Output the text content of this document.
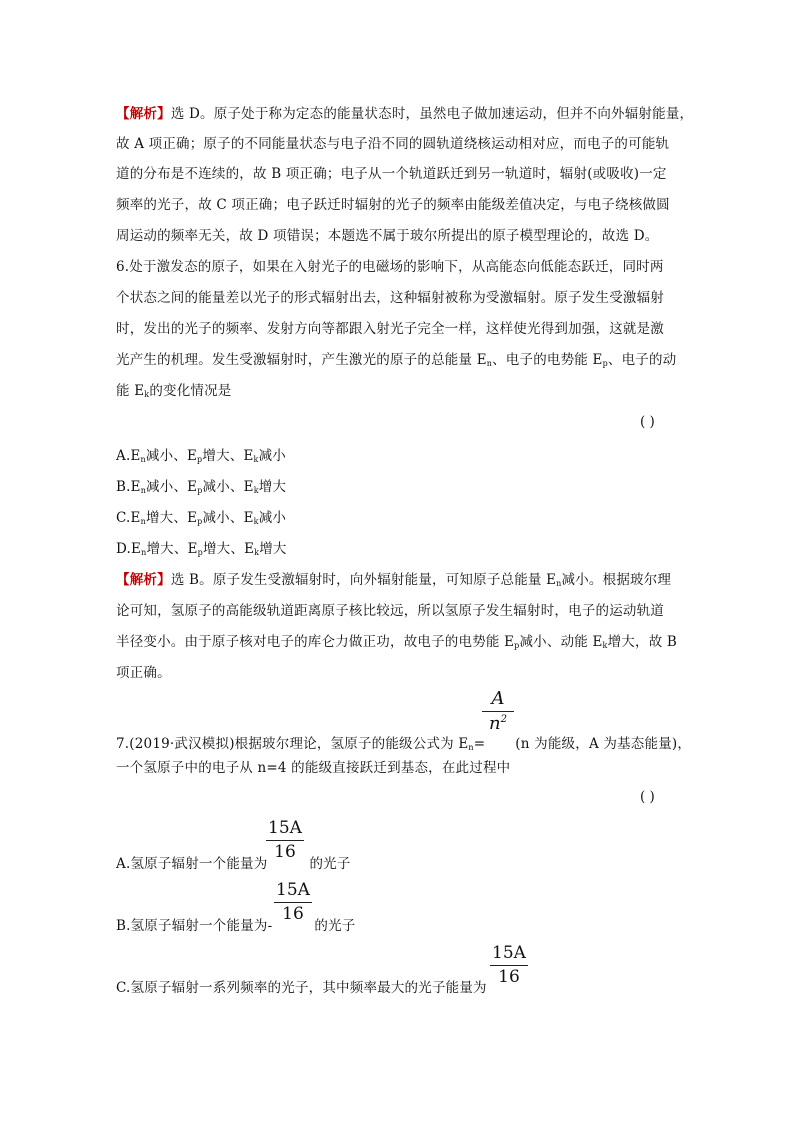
【解析】选 D。原子处于称为定态的能量状态时，虽然电子做加速运动，但并不向外辐射能量，
故 A 项正确；原子的不同能量状态与电子沿不同的圆轨道绕核运动相对应，而电子的可能轨
道的分布是不连续的，故 B 项正确；电子从一个轨道跃迁到另一轨道时，辐射(或吸收)一定
频率的光子，故 C 项正确；电子跃迁时辐射的光子的频率由能级差值决定，与电子绕核做圆
周运动的频率无关，故 D 项错误；本题选不属于玻尔所提出的原子模型理论的，故选 D。
6.处于激发态的原子，如果在入射光子的电磁场的影响下，从高能态向低能态跃迁，同时两
个状态之间的能量差以光子的形式辐射出去，这种辐射被称为受激辐射。原子发生受激辐射
时，发出的光子的频率、发射方向等都跟入射光子完全一样，这样使光得到加强，这就是激
光产生的机理。发生受激辐射时，产生激光的原子的总能量 $E_n$、电子的电势能 $E_p$、电子的动
能 $E_k$的变化情况是
( )
$A.E_n$减小、$E_p$增大、$E_k$减小
$B.E_n$减小、$E_p$减小、$E_k$增大
$C.E_n$增大、$E_p$减小、$E_k$减小
$D.E_n$增大、$E_p$增大、$E_k$增大
【解析】选 B。原子发生受激辐射时，向外辐射能量，可知原子总能量 $E_n$减小。根据玻尔理
论可知，氢原子的高能级轨道距离原子核比较远，所以氢原子发生辐射时，电子的运动轨道
半径变小。由于原子核对电子的库仑力做正功，故电子的电势能 $E_p$减小、动能 $E_k$增大，故 B
项正确。
A
$n^2$
7.(2019·武汉模拟)根据玻尔理论，氢原子的能级公式为 $E_n= (n$ 为能级，A 为基态能量)，
一个氢原子中的电子从 n=4 的能级直接跃迁到基态，在此过程中
( )
15A
16
A.氢原子辐射一个能量为	的光子
15A
16
B.氢原子辐射一个能量为-	的光子
15A
16
C.氢原子辐射一系列频率的光子，其中频率最大的光子能量为
